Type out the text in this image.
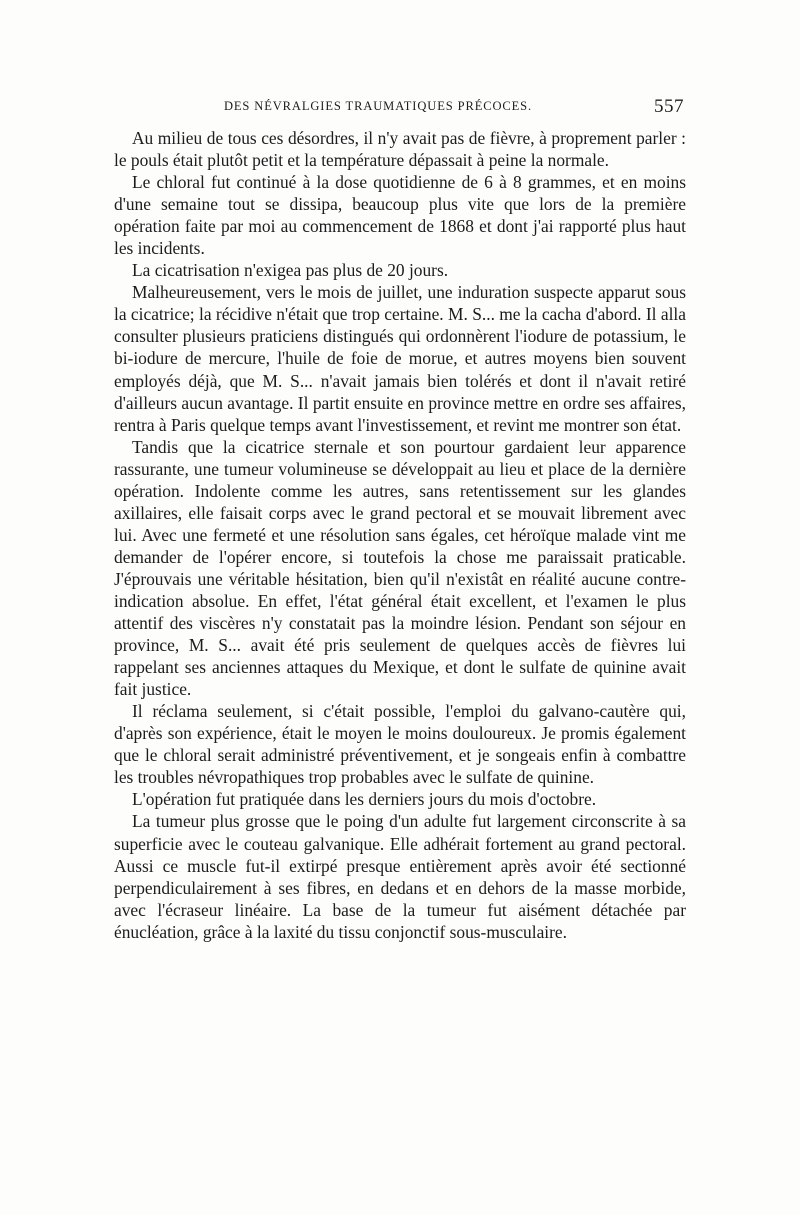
DES NÉVRALGIES TRAUMATIQUES PRÉCOCES.	557

Au milieu de tous ces désordres, il n'y avait pas de fièvre, à proprement parler : le pouls était plutôt petit et la température dépassait à peine la normale.

Le chloral fut continué à la dose quotidienne de 6 à 8 grammes, et en moins d'une semaine tout se dissipa, beaucoup plus vite que lors de la première opération faite par moi au commencement de 1868 et dont j'ai rapporté plus haut les incidents.

La cicatrisation n'exigea pas plus de 20 jours.

Malheureusement, vers le mois de juillet, une induration suspecte apparut sous la cicatrice; la récidive n'était que trop certaine. M. S... me la cacha d'abord. Il alla consulter plusieurs praticiens distingués qui ordonnèrent l'iodure de potassium, le bi-iodure de mercure, l'huile de foie de morue, et autres moyens bien souvent employés déjà, que M. S... n'avait jamais bien tolérés et dont il n'avait retiré d'ailleurs aucun avantage. Il partit ensuite en province mettre en ordre ses affaires, rentra à Paris quelque temps avant l'investissement, et revint me montrer son état.

Tandis que la cicatrice sternale et son pourtour gardaient leur apparence rassurante, une tumeur volumineuse se développait au lieu et place de la dernière opération. Indolente comme les autres, sans retentissement sur les glandes axillaires, elle faisait corps avec le grand pectoral et se mouvait librement avec lui. Avec une fermeté et une résolution sans égales, cet héroïque malade vint me demander de l'opérer encore, si toutefois la chose me paraissait praticable. J'éprouvais une véritable hésitation, bien qu'il n'existât en réalité aucune contre-indication absolue. En effet, l'état général était excellent, et l'examen le plus attentif des viscères n'y constatait pas la moindre lésion. Pendant son séjour en province, M. S... avait été pris seulement de quelques accès de fièvres lui rappelant ses anciennes attaques du Mexique, et dont le sulfate de quinine avait fait justice.

Il réclama seulement, si c'était possible, l'emploi du galvano-cautère qui, d'après son expérience, était le moyen le moins douloureux. Je promis également que le chloral serait administré préventivement, et je songeais enfin à combattre les troubles névropathiques trop probables avec le sulfate de quinine.

L'opération fut pratiquée dans les derniers jours du mois d'octobre.

La tumeur plus grosse que le poing d'un adulte fut largement circonscrite à sa superficie avec le couteau galvanique. Elle adhérait fortement au grand pectoral. Aussi ce muscle fut-il extirpé presque entièrement après avoir été sectionné perpendiculairement à ses fibres, en dedans et en dehors de la masse morbide, avec l'écraseur linéaire. La base de la tumeur fut aisément détachée par énucléation, grâce à la laxité du tissu conjonctif sous-musculaire.
